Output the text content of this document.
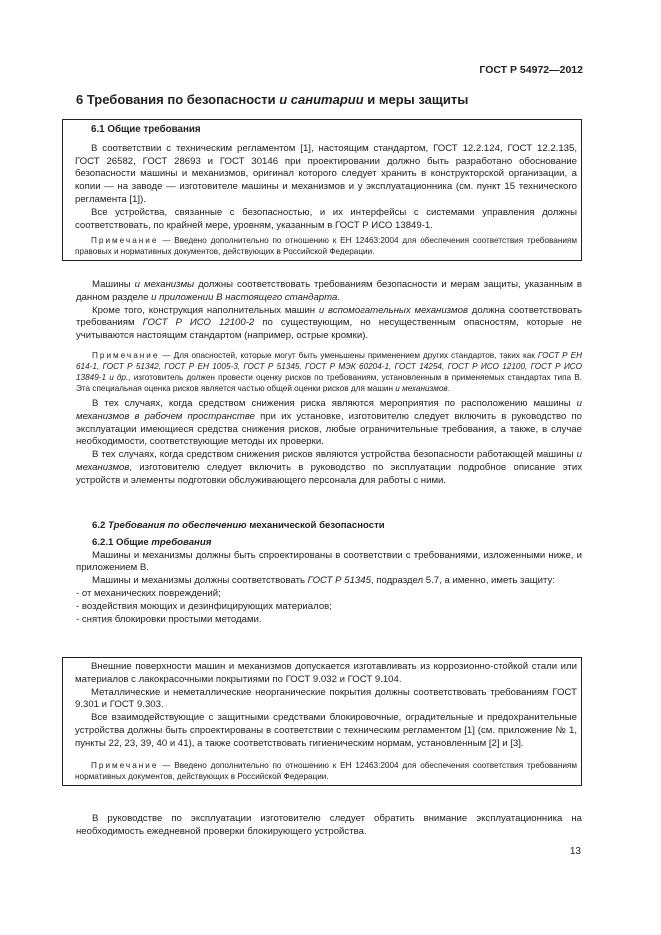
ГОСТ Р 54972—2012
6 Требования по безопасности и санитарии и меры защиты
6.1 Общие требования

В соответствии с техническим регламентом [1], настоящим стандартом, ГОСТ 12.2.124, ГОСТ 12.2.135, ГОСТ 26582, ГОСТ 28693 и ГОСТ 30146 при проектировании должно быть разработано обоснование безопасности машины и механизмов, оригинал которого следует хранить в конструкторской организации, а копии — на заводе — изготовителе машины и механизмов и у эксплуатационника (см. пункт 15 технического регламента [1]).

Все устройства, связанные с безопасностью, и их интерфейсы с системами управления должны соответствовать, по крайней мере, уровням, указанным в ГОСТ Р ИСО 13849-1.

Примечание — Введено дополнительно по отношению к ЕН 12463:2004 для обеспечения соответствия требованиям правовых и нормативных документов, действующих в Российской Федерации.

Машины и механизмы должны соответствовать требованиям безопасности и мерам защиты, указанным в данном разделе и приложении В настоящего стандарта.

Кроме того, конструкция наполнительных машин и вспомогательных механизмов должна соответствовать требованиям ГОСТ Р ИСО 12100-2 по существующим, но несущественным опасностям, которые не учитываются настоящим стандартом (например, острые кромки).

Примечание — Для опасностей, которые могут быть уменьшены применением других стандартов, таких как ГОСТ Р ЕН 614-1, ГОСТ Р 51342, ГОСТ Р ЕН 1005-3, ГОСТ Р 51345, ГОСТ Р МЭК 60204-1, ГОСТ 14254, ГОСТ Р ИСО 12100, ГОСТ Р ИСО 13849-1 и др., изготовитель должен провести оценку рисков по требованиям, установленным в применяемых стандартах типа В. Эта специальная оценка рисков является частью общей оценки рисков для машин и механизмов.

В тех случаях, когда средством снижения риска являются мероприятия по расположению машины и механизмов в рабочем пространстве при их установке, изготовителю следует включить в руководство по эксплуатации имеющиеся средства снижения рисков, любые ограничительные требования, а также, в случае необходимости, соответствующие методы их проверки.

В тех случаях, когда средством снижения рисков являются устройства безопасности работающей машины и механизмов, изготовителю следует включить в руководство по эксплуатации подробное описание этих устройств и элементы подготовки обслуживающего персонала для работы с ними.

6.2 Требования по обеспечению механической безопасности

6.2.1 Общие требования

Машины и механизмы должны быть спроектированы в соответствии с требованиями, изложенными ниже, и приложением В.

Машины и механизмы должны соответствовать ГОСТ Р 51345, подраздел 5.7, а именно, иметь защиту:

- от механических повреждений;
- воздействия моющих и дезинфицирующих материалов;
- снятия блокировки простыми методами.

Внешние поверхности машин и механизмов допускается изготавливать из коррозионно-стойкой стали или материалов с лакокрасочными покрытиями по ГОСТ 9.032 и ГОСТ 9.104.

Металлические и неметаллические неорганические покрытия должны соответствовать требованиям ГОСТ 9.301 и ГОСТ 9.303.

Все взаимодействующие с защитными средствами блокировочные, оградительные и предохранительные устройства должны быть спроектированы в соответствии с техническим регламентом [1] (см. приложение № 1, пункты 22, 23, 39, 40 и 41), а также соответствовать гигиеническим нормам, установленным [2] и [3].

Примечание — Введено дополнительно по отношению к ЕН 12463:2004 для обеспечения соответствия требованиям нормативных документов, действующих в Российской Федерации.

В руководстве по эксплуатации изготовителю следует обратить внимание эксплуатационника на необходимость ежедневной проверки блокирующего устройства.

13
